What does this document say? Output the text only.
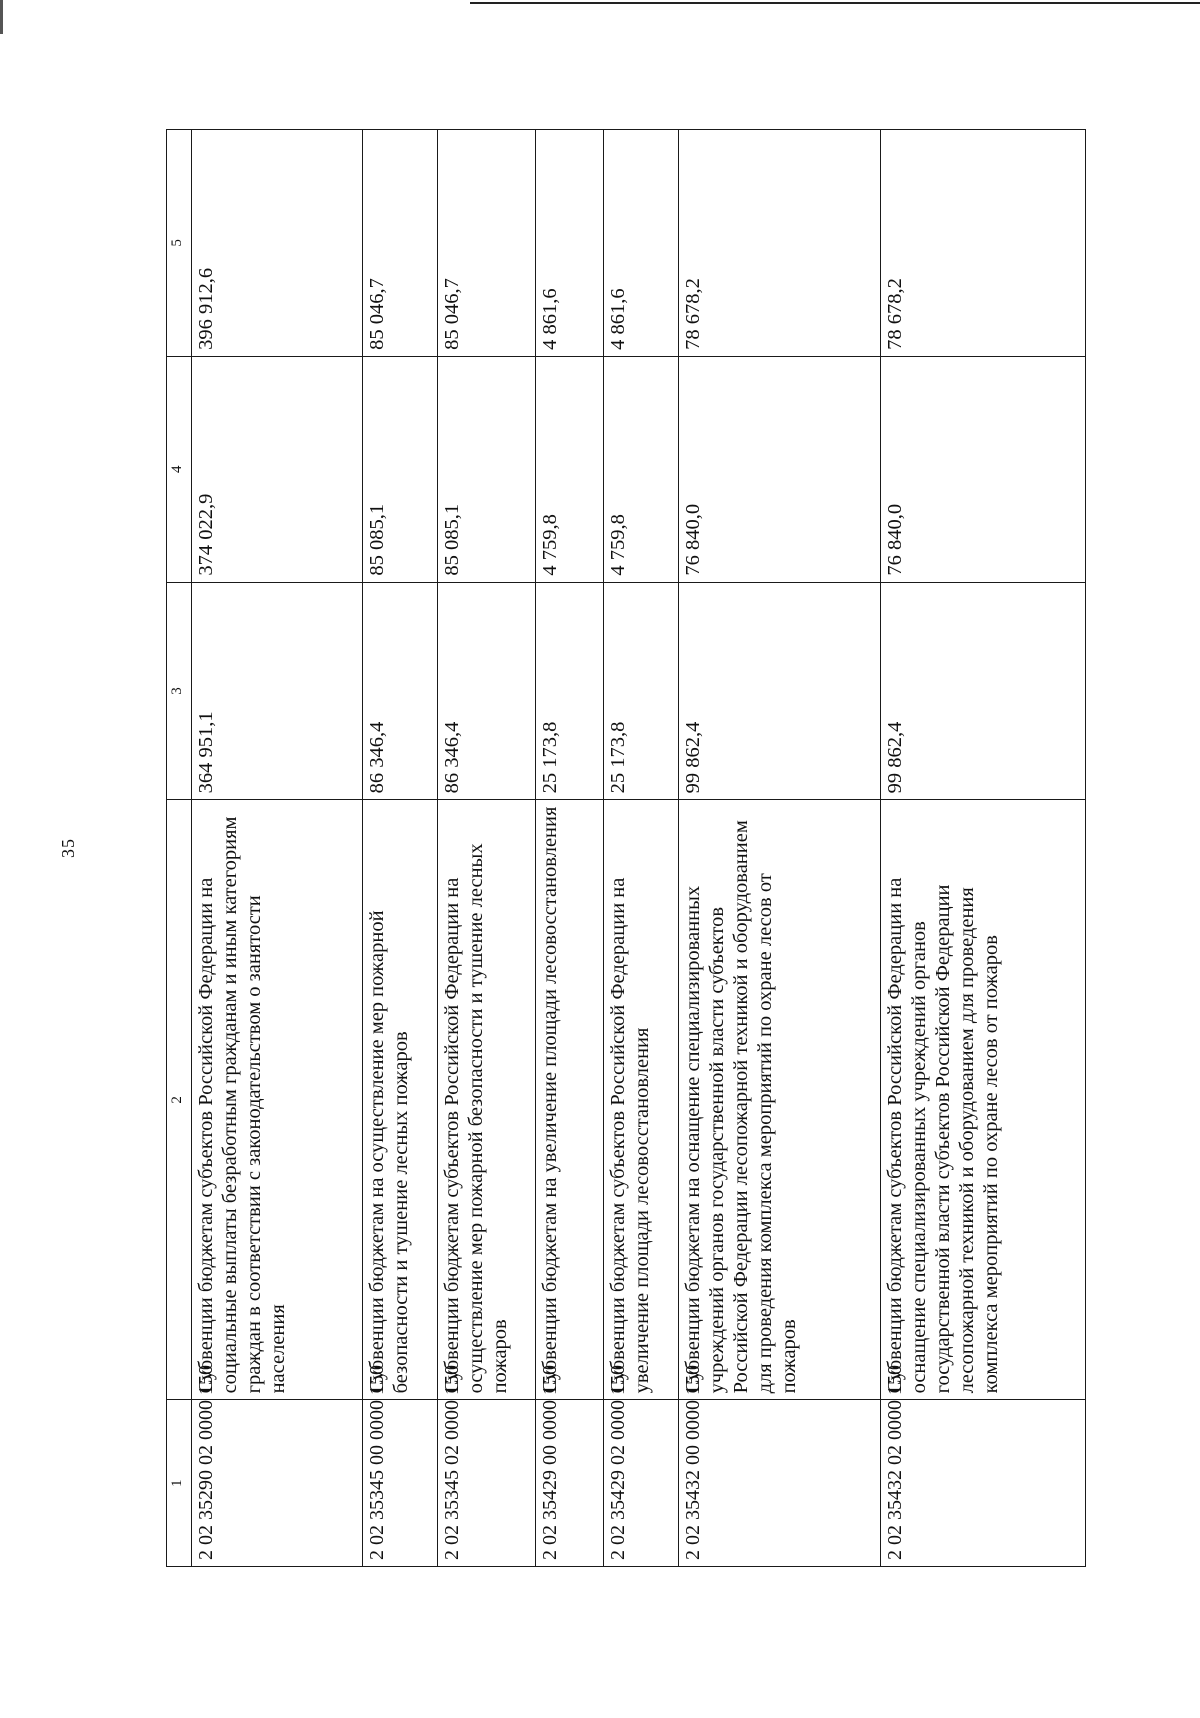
35
1	2	3	4	5
2 02 35290 02 0000 150	Субвенции бюджетам субъектов Российской Федерации на социальные выплаты безработным гражданам и иным категориям граждан в соответствии с законодательством о занятости населения	364 951,1	374 022,9	396 912,6
2 02 35345 00 0000 150	Субвенции бюджетам на осуществление мер пожарной безопасности и тушение лесных пожаров	86 346,4	85 085,1	85 046,7
2 02 35345 02 0000 150	Субвенции бюджетам субъектов Российской Федерации на осуществление мер пожарной безопасности и тушение лесных пожаров	86 346,4	85 085,1	85 046,7
2 02 35429 00 0000 150	Субвенции бюджетам на увеличение площади лесовосстановления	25 173,8	4 759,8	4 861,6
2 02 35429 02 0000 150	Субвенции бюджетам субъектов Российской Федерации на увеличение площади лесовосстановления	25 173,8	4 759,8	4 861,6
2 02 35432 00 0000 150	Субвенции бюджетам на оснащение специализированных учреждений органов государственной власти субъектов Российской Федерации лесопожарной техникой и оборудованием для проведения комплекса мероприятий по охране лесов от пожаров	99 862,4	76 840,0	78 678,2
2 02 35432 02 0000 150	Субвенции бюджетам субъектов Российской Федерации на оснащение специализированных учреждений органов государственной власти субъектов Российской Федерации лесопожарной техникой и оборудованием для проведения комплекса мероприятий по охране лесов от пожаров	99 862,4	76 840,0	78 678,2
